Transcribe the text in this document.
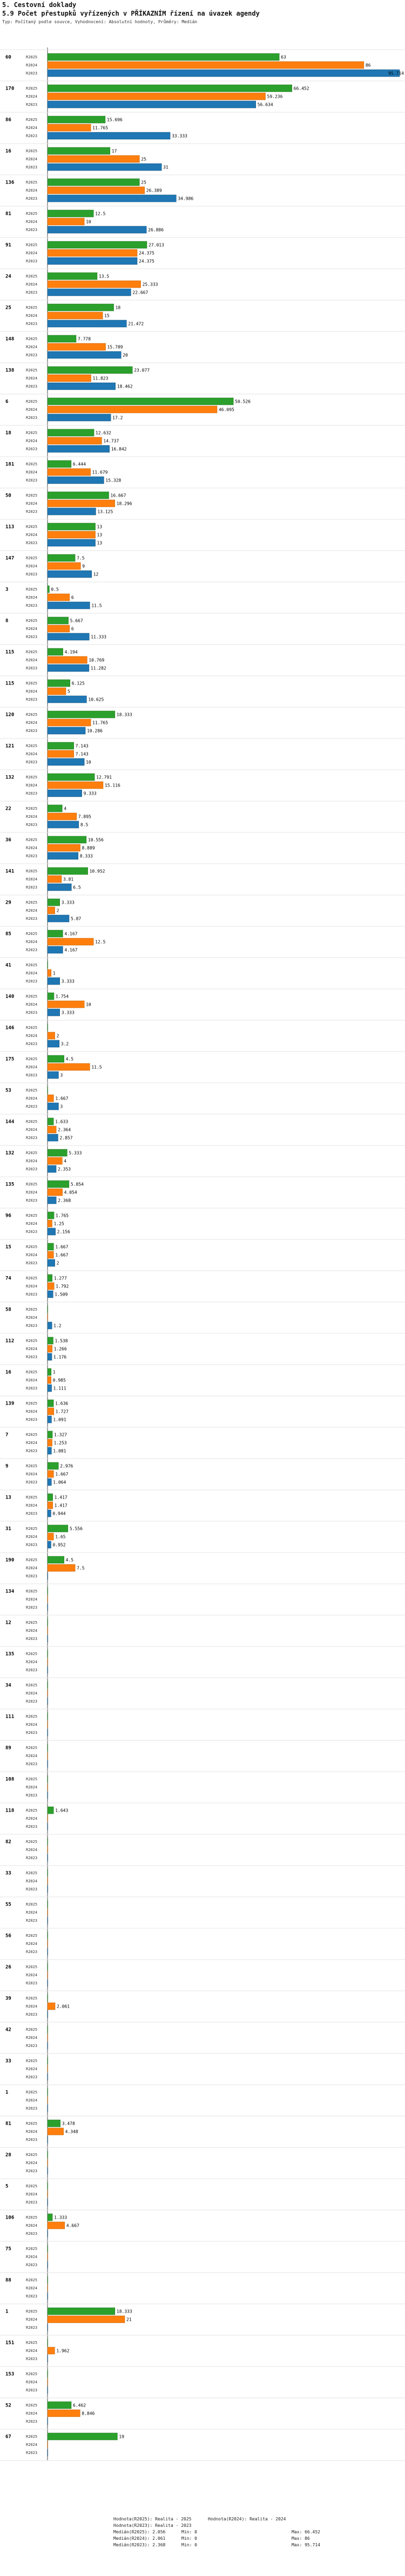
5. Cestovní doklady
5.9 Počet přestupků vyřízených v PŘÍKAZNÍM řízení na úvazek agendy
Typ: Počítaný podle souvce, Vyhodnocení: Absolutní hodnoty, Průměry: Medián
60	R2025	63
R2024	86
R2023	95.714
170	R2025	66.452
R2024	59.236
R2023	56.634
86	R2025	15.696
R2024	11.765
R2023	33.333
16	R2025	17
R2024	25
R2023	31
136	R2025	25
R2024	26.389
R2023	34.986
81	R2025	12.5
R2024	10
R2023	26.886
91	R2025	27.013
R2024	24.375
R2023	24.375
24	R2025	13.5
R2024	25.333
R2023	22.667
25	R2025	18
R2024	15
R2023	21.472
148	R2025	7.778
R2024	15.789
R2023	20
138	R2025	23.077
R2024	11.823
R2023	18.462
6	R2025	50.526
R2024	46.095
R2023	17.2
18	R2025	12.632
R2024	14.737
R2023	16.842
181	R2025	6.444
R2024	11.679
R2023	15.328
50	R2025	16.667
R2024	18.296
R2023	13.125
113	R2025	13
R2024	13
R2023	13
147	R2025	7.5
R2024	9
R2023	12
3	R2025	0.5
R2024	6
R2023	11.5
8	R2025	5.667
R2024	6
R2023	11.333
115	R2025	4.194
R2024	10.769
R2023	11.282
115	R2025	6.125
R2024	5
R2023	10.625
120	R2025	18.333
R2024	11.765
R2023	10.286
121	R2025	7.143
R2024	7.143
R2023	10
132	R2025	12.791
R2024	15.116
R2023	9.333
22	R2025	4
R2024	7.895
R2023	8.5
36	R2025	10.556
R2024	8.889
R2023	8.333
141	R2025	10.952
R2024	3.81
R2023	6.5
29	R2025	3.333
R2024	2
R2023	5.87
85	R2025	4.167
R2024	12.5
R2023	4.167
41	R2025
R2024	1
R2023	3.333
140	R2025	1.754
R2024	10
R2023	3.333
146	R2025
R2024	2
R2023	3.2
175	R2025	4.5
R2024	11.5
R2023	3
53	R2025
R2024	1.667
R2023	3
144	R2025	1.633
R2024	2.364
R2023	2.857
132	R2025	5.333
R2024	4
R2023	2.353
135	R2025	5.854
R2024	4.054
R2023	2.368
96	R2025	1.765
R2024	1.25
R2023	2.156
15	R2025	1.667
R2024	1.667
R2023	2
74	R2025	1.277
R2024	1.792
R2023	1.509
58	R2025
R2024
R2023	1.2
112	R2025	1.538
R2024	1.266
R2023	1.176
16	R2025	1
R2024	0.985
R2023	1.111
139	R2025	1.636
R2024	1.727
R2023	1.091
7	R2025	1.327
R2024	1.253
R2023	1.081
9	R2025	2.976
R2024	1.667
R2023	1.064
13	R2025	1.417
R2024	1.417
R2023	0.944
31	R2025	5.556
R2024	1.65
R2023	0.952
190	R2025	4.5
R2024	7.5
R2023
134	R2025
R2024
R2023
12	R2025
R2024
R2023
135	R2025
R2024
R2023
34	R2025
R2024
R2023
111	R2025
R2024
R2023
89	R2025
R2024
R2023
108	R2025
R2024
R2023
118	R2025	1.643
R2024
R2023
82	R2025
R2024
R2023
33	R2025
R2024
R2023
55	R2025
R2024
R2023
56	R2025
R2024
R2023
26	R2025
R2024
R2023
39	R2025
R2024	2.061
R2023
42	R2025
R2024
R2023
33	R2025
R2024
R2023
1	R2025
R2024
R2023
81	R2025	3.478
R2024	4.348
R2023
28	R2025
R2024
R2023
5	R2025
R2024
R2023
106	R2025	1.333
R2024	4.667
R2023
75	R2025
R2024
R2023
88	R2025
R2024
R2023
1	R2025	18.333
R2024	21
R2023
151	R2025
R2024	1.962
R2023
153	R2025
R2024
R2023
52	R2025	6.462
R2024	8.846
R2023
67	R2025	19
R2024
R2023
Hodnota(R2025): Realita - 2025	Hodnota(R2024): Realita - 2024
Hodnota(R2023): Realita - 2023
Medián(R2025): 2.056
Medián(R2024): 2.061
Medián(R2023): 2.368
Min: 0	Max: 66.452
Min: 0	Max: 86
Min: 0	Max: 95.714
